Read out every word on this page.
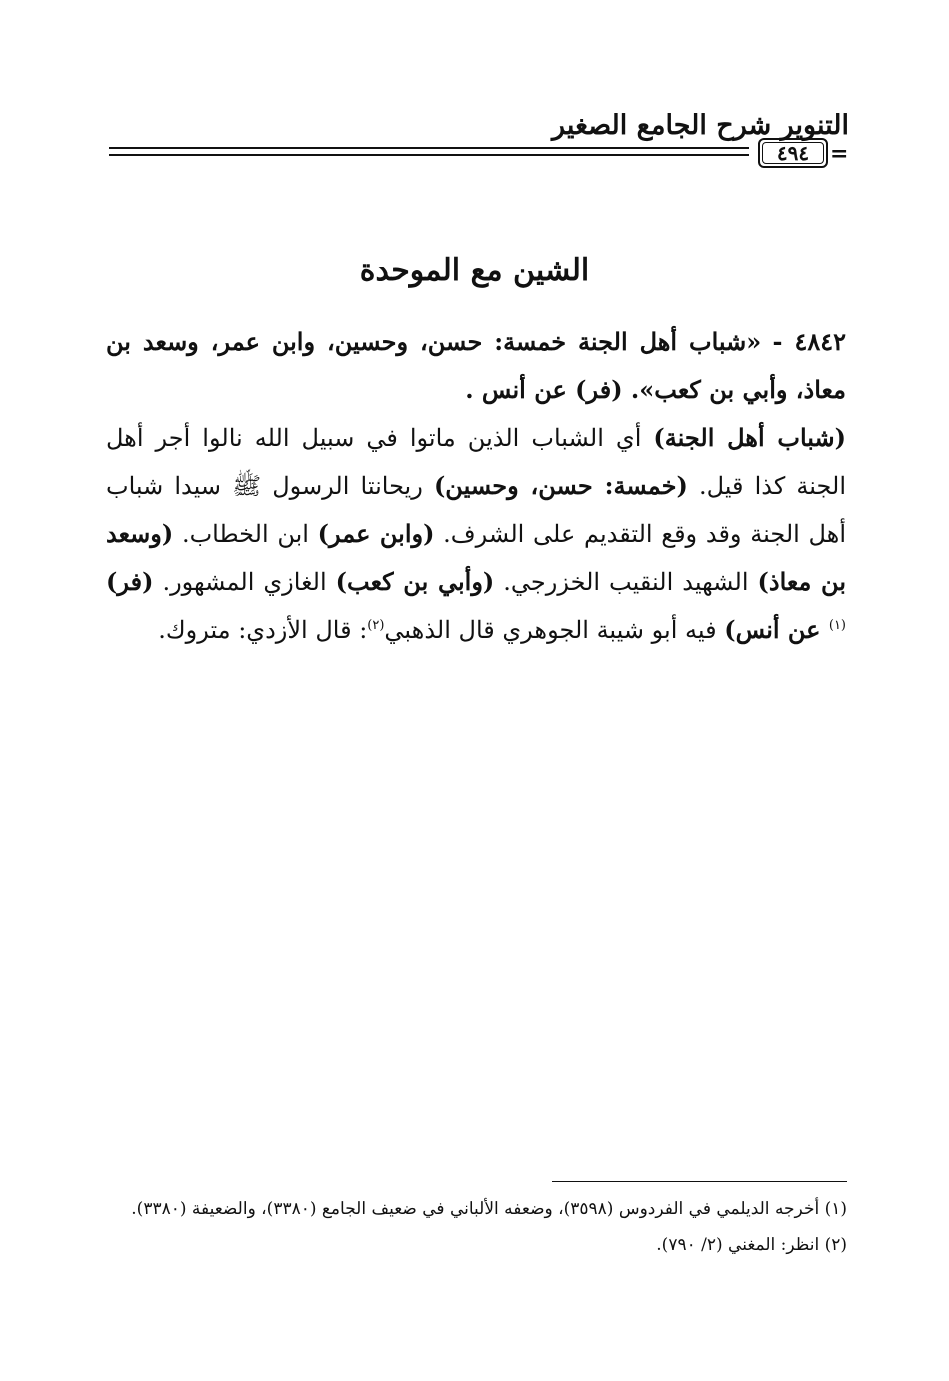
التنوير شرح الجامع الصغير
٤٩٤ =
الشين مع الموحدة

٤٨٤٢ - «شباب أهل الجنة خمسة: حسن، وحسين، وابن عمر، وسعد بن معاذ، وأبي بن كعب». (فر) عن أنس .

(شباب أهل الجنة) أي الشباب الذين ماتوا في سبيل الله نالوا أجر أهل الجنة كذا قيل. (خمسة: حسن، وحسين) ريحانتا الرسول ﷺ سيدا شباب أهل الجنة وقد وقع التقديم على الشرف. (وابن عمر) ابن الخطاب. (وسعد بن معاذ) الشهيد النقيب الخزرجي. (وأبي بن كعب) الغازي المشهور. (فر)$^{(١)}$ عن أنس) فيه أبو شيبة الجوهري قال الذهبي$^{(٢)}$: قال الأزدي: متروك.

(١) أخرجه الديلمي في الفردوس (٣٥٩٨)، وضعفه الألباني في ضعيف الجامع (٣٣٨٠)، والضعيفة (٣٣٨٠).

(٢) انظر: المغني (٢/ ٧٩٠).
